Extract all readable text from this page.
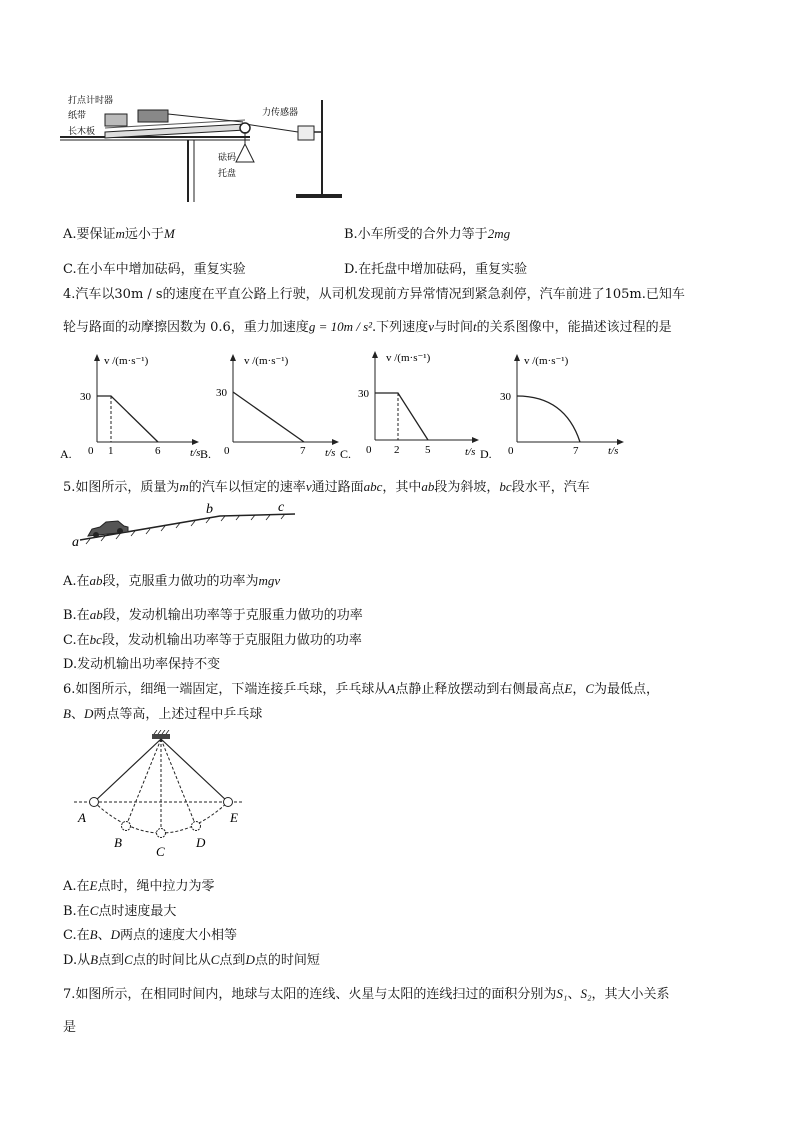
打点计时器
纸带
长木板
力传感器
砝码
托盘
A.要保证m远小于M	B.小车所受的合外力等于2mg
C.在小车中增加砝码，重复实验	D.在托盘中增加砝码，重复实验
4.汽车以30m / s的速度在平直公路上行驶，从司机发现前方异常情况到紧急刹停，汽车前进了105m.已知车
轮与路面的动摩擦因数为 0.6，重力加速度g = 10m / s².下列速度v与时间t的关系图像中，能描述该过程的是
A.
v /(m·s⁻¹)
t/s
30
0 1	6	B.
v /(m·s⁻¹)
t/s
30
0	7	C.
v /(m·s⁻¹)
t/s
30
0 2 5	D.
v /(m·s⁻¹)
t/s
30
0	7
5.如图所示，质量为m的汽车以恒定的速率v通过路面abc，其中ab段为斜坡，bc段水平，汽车
a
b	c
A.在ab段，克服重力做功的功率为mgv
B.在ab段，发动机输出功率等于克服重力做功的功率
C.在bc段，发动机输出功率等于克服阻力做功的功率
D.发动机输出功率保持不变
6.如图所示，细绳一端固定，下端连接乒乓球，乒乓球从A点静止释放摆动到右侧最高点E，C为最低点，
B、D两点等高，上述过程中乒乓球
A
B
C
D
E
A.在E点时，绳中拉力为零
B.在C点时速度最大
C.在B、D两点的速度大小相等
D.从B点到C点的时间比从C点到D点的时间短
7.如图所示，在相同时间内，地球与太阳的连线、火星与太阳的连线扫过的面积分别为S₁、S₂，其大小关系
是
